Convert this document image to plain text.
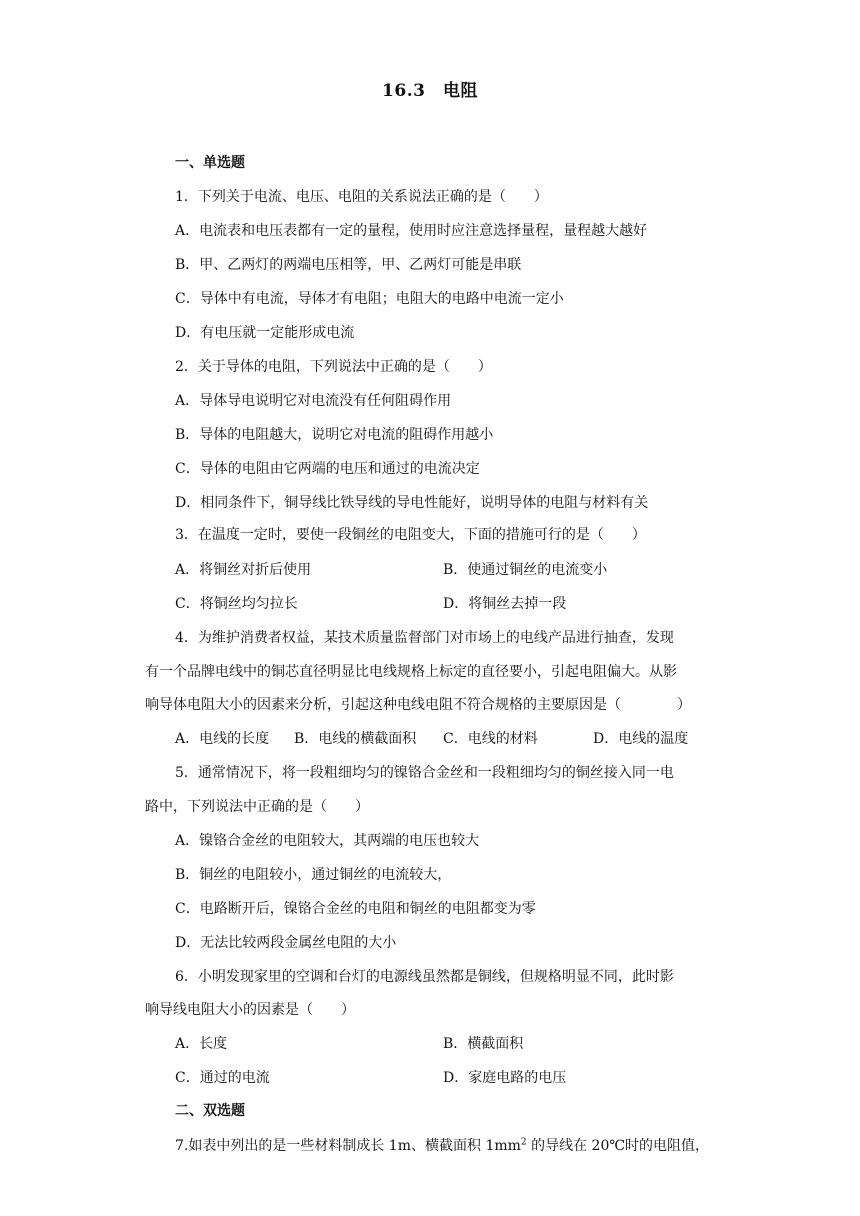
16.3　电阻
一、单选题
1．下列关于电流、电压、电阻的关系说法正确的是（　　）
A．电流表和电压表都有一定的量程，使用时应注意选择量程，量程越大越好
B．甲、乙两灯的两端电压相等，甲、乙两灯可能是串联
C．导体中有电流，导体才有电阻；电阻大的电路中电流一定小
D．有电压就一定能形成电流
2．关于导体的电阻，下列说法中正确的是（　　）
A．导体导电说明它对电流没有任何阻碍作用
B．导体的电阻越大，说明它对电流的阻碍作用越小
C．导体的电阻由它两端的电压和通过的电流决定
D．相同条件下，铜导线比铁导线的导电性能好，说明导体的电阻与材料有关
3．在温度一定时，要使一段铜丝的电阻变大，下面的措施可行的是（　　）
A．将铜丝对折后使用	B．使通过铜丝的电流变小
C．将铜丝均匀拉长	D．将铜丝去掉一段
4．为维护消费者权益，某技术质量监督部门对市场上的电线产品进行抽查，发现
有一个品牌电线中的铜芯直径明显比电线规格上标定的直径要小，引起电阻偏大。从影
响导体电阻大小的因素来分析，引起这种电线电阻不符合规格的主要原因是（　　　　）
A．电线的长度 B．电线的横截面积 C．电线的材料	D．电线的温度
5．通常情况下，将一段粗细均匀的镍铬合金丝和一段粗细均匀的铜丝接入同一电
路中，下列说法中正确的是（　　）
A．镍铬合金丝的电阻较大，其两端的电压也较大
B．铜丝的电阻较小，通过铜丝的电流较大，
C．电路断开后，镍铬合金丝的电阻和铜丝的电阻都变为零
D．无法比较两段金属丝电阻的大小
6．小明发现家里的空调和台灯的电源线虽然都是铜线，但规格明显不同，此时影
响导线电阻大小的因素是（　　）
A．长度	B．横截面积
C．通过的电流	D．家庭电路的电压
二、双选题
7.如表中列出的是一些材料制成长 1m、横截面积 $1mm^2$ 的导线在 20℃时的电阻值，
